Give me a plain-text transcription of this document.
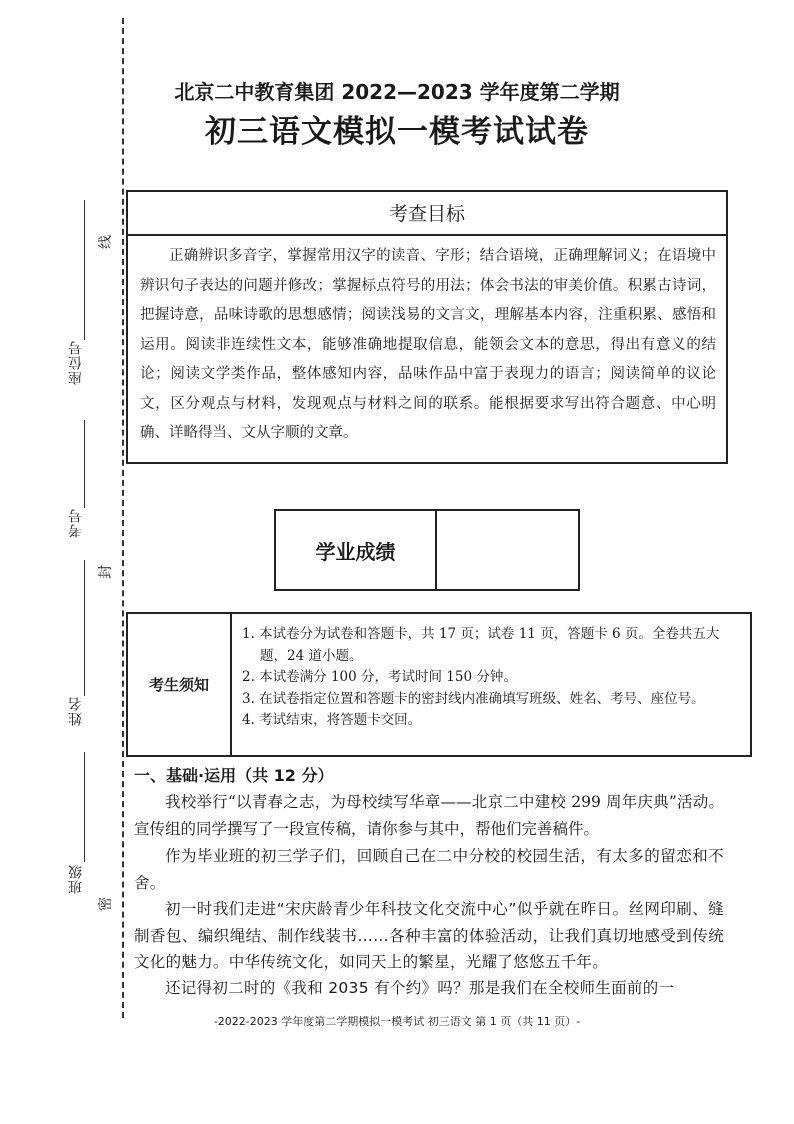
座位号
考号
姓名
班级
线
封
密
北京二中教育集团 2022—2023 学年度第二学期
初三语文模拟一模考试试卷
考查目标
正确辨识多音字，掌握常用汉字的读音、字形；结合语境，正确理解词义；在语境中辨识句子表达的问题并修改；掌握标点符号的用法；体会书法的审美价值。积累古诗词，把握诗意，品味诗歌的思想感情；阅读浅易的文言文，理解基本内容，注重积累、感悟和运用。阅读非连续性文本，能够准确地提取信息，能领会文本的意思，得出有意义的结论；阅读文学类作品，整体感知内容，品味作品中富于表现力的语言；阅读简单的议论文，区分观点与材料，发现观点与材料之间的联系。能根据要求写出符合题意、中心明确、详略得当、文从字顺的文章。
学业成绩
考生须知
1. 本试卷分为试卷和答题卡，共 17 页；试卷 11 页，答题卡 6 页。全卷共五大题，24 道小题。
2. 本试卷满分 100 分，考试时间 150 分钟。
3. 在试卷指定位置和答题卡的密封线内准确填写班级、姓名、考号、座位号。
4. 考试结束，将答题卡交回。
一、基础·运用（共 12 分）

我校举行“以青春之志，为母校续写华章——北京二中建校 299 周年庆典”活动。宣传组的同学撰写了一段宣传稿，请你参与其中，帮他们完善稿件。

作为毕业班的初三学子们，回顾自己在二中分校的校园生活，有太多的留恋和不舍。

初一时我们走进“宋庆龄青少年科技文化交流中心”似乎就在昨日。丝网印刷、缝制香包、编织绳结、制作线装书……各种丰富的体验活动，让我们真切地感受到传统文化的魅力。中华传统文化，如同天上的繁星，光耀了悠悠五千年。

还记得初二时的《我和 2035 有个约》吗？那是我们在全校师生面前的一

-2022-2023 学年度第二学期模拟一模考试 初三语文 第 1 页（共 11 页）-
